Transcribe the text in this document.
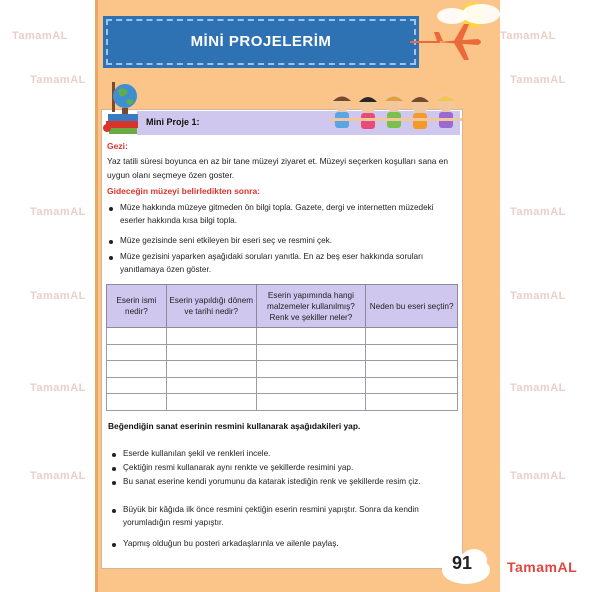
TamamAL	TamamAL
TamamAL	TamamAL
TamamAL	TamamAL
TamamAL	TamamAL
TamamAL	TamamAL
TamamAL	TamamAL
MİNİ PROJELERİM
Mini Proje 1:
Gezi:
Yaz tatili süresi boyunca en az bir tane müzeyi ziyaret et. Müzeyi seçerken koşulları sana en uygun olanı seçmeye özen goster.
Gideceğin müzeyi belirledikten sonra:
Müze hakkında müzeye gitmeden ön bilgi topla. Gazete, dergi ve internetten müzedeki eserler hakkında kısa bilgi topla.
Müze gezisinde seni etkileyen bir eseri seç ve resmini çek.
Müze gezisini yaparken aşağıdaki soruları yanıtla. En az beş eser hakkında soruları yanıtlamaya özen göster.
Eserin ismi nedir?	Eserin yapıldığı dönem ve tarihi nedir?	Eserin yapımında hangi malzemeler kullanılmış? Renk ve şekiller neler?	Neden bu eseri seçtin?

Beğendiğin sanat eserinin resmini kullanarak aşağıdakileri yap.
Eserde kullanılan şekil ve renkleri incele.
Çektiğin resmi kullanarak aynı renkte ve şekillerde resimini yap.
Bu sanat eserine kendi yorumunu da katarak istediğin renk ve şekillerde resim çiz.
Büyük bir kâğıda ilk önce resmini çektiğin eserin resmini yapıştır. Sonra da kendin yorumladığın resmi yapıştır.
Yapmış olduğun bu posteri arkadaşlarınla ve ailenle paylaş.
91 TamamAL
